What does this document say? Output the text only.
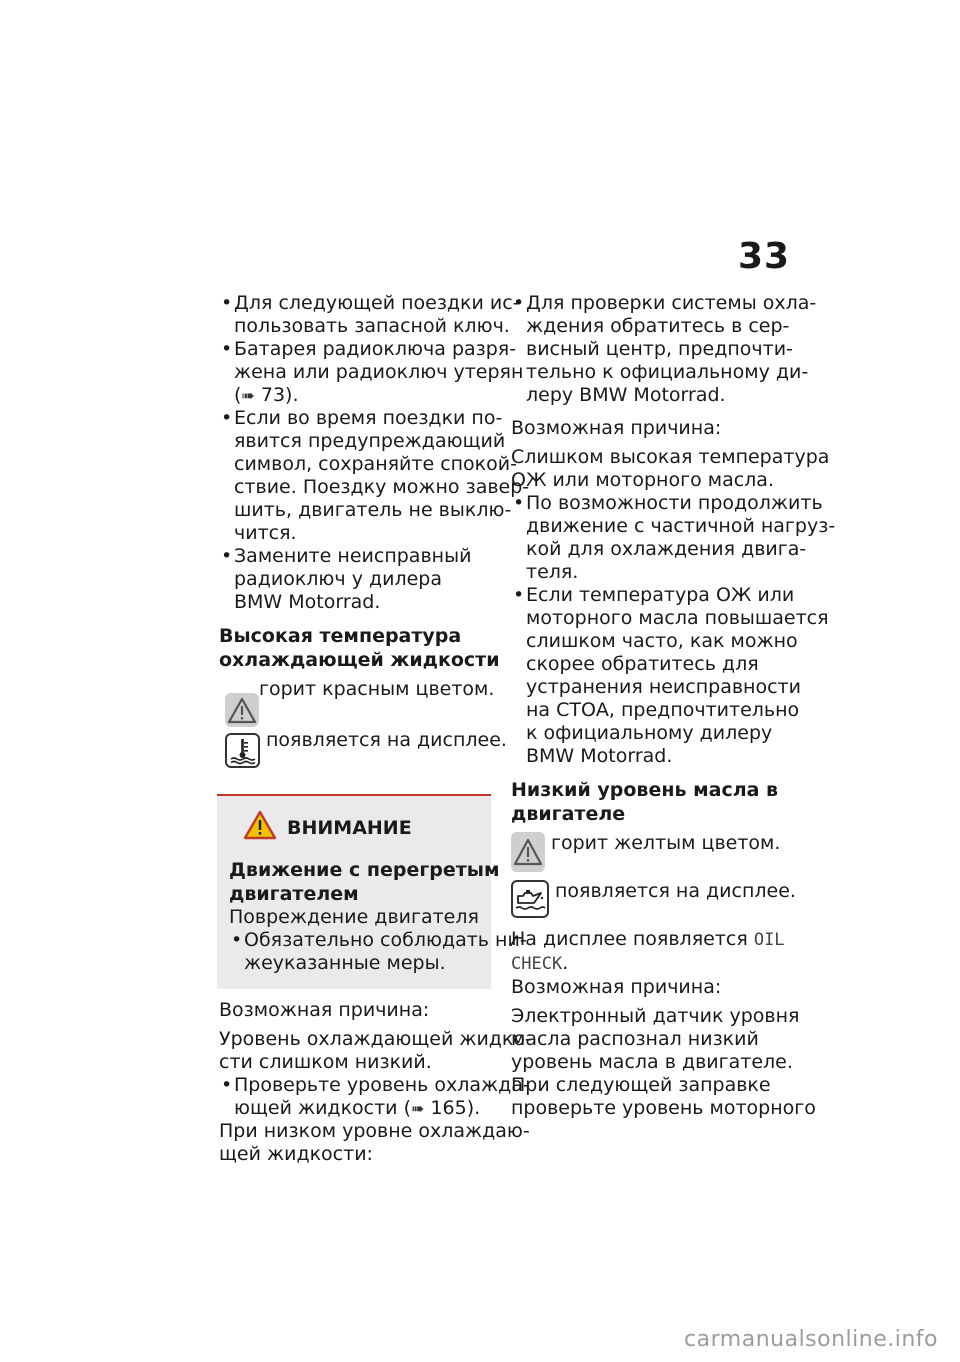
33
• Для следующей поездки ис-
пользовать запасной ключ.
• Батарея радиоключа разря-
жена или радиоключ утерян
(➠ 73).
• Если во время поездки по-
явится предупреждающий
символ, сохраняйте спокой-
ствие. Поездку можно завер-
шить, двигатель не выклю-
чится.
• Замените неисправный
радиоключ у дилера
BMW Motorrad.
Высокая температура
охлаждающей жидкости
горит красным цветом.
появляется на дисплее.
ВНИМАНИЕ
Движение с перегретым
двигателем
Повреждение двигателя
• Обязательно соблюдать ни-
жеуказанные меры.

Возможная причина:

Уровень охлаждающей жидко-
сти слишком низкий.
• Проверьте уровень охлажда-
ющей жидкости (➠ 165).
При низком уровне охлаждаю-
щей жидкости:
• Для проверки системы охла-
ждения обратитесь в сер-
висный центр, предпочти-
тельно к официальному ди-
леру BMW Motorrad.

Возможная причина:

Слишком высокая температура
ОЖ или моторного масла.
• По возможности продолжить
движение с частичной нагруз-
кой для охлаждения двига-
теля.
• Если температура ОЖ или
моторного масла повышается
слишком часто, как можно
скорее обратитесь для
устранения неисправности
на СТОА, предпочтительно
к официальному дилеру
BMW Motorrad.
Низкий уровень масла в
двигателе
горит желтым цветом.
появляется на дисплее.
На дисплее появляется OIL
CHECK.

Возможная причина:

Электронный датчик уровня
масла распознал низкий
уровень масла в двигателе.
При следующей заправке
проверьте уровень моторного
carmanualsonline.info
